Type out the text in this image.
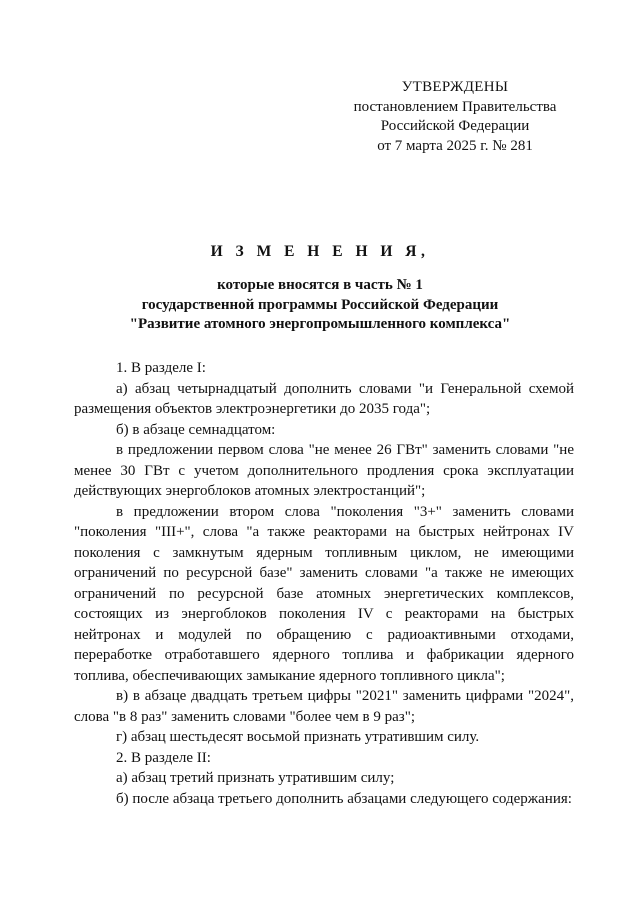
УТВЕРЖДЕНЫ
постановлением Правительства
Российской Федерации
от 7 марта 2025 г. № 281
И З М Е Н Е Н И Я,
которые вносятся в часть № 1
государственной программы Российской Федерации
"Развитие атомного энергопромышленного комплекса"

1. В разделе I:

а) абзац четырнадцатый дополнить словами "и Генеральной схемой размещения объектов электроэнергетики до 2035 года";

б) в абзаце семнадцатом:

в предложении первом слова "не менее 26 ГВт" заменить словами "не менее 30 ГВт с учетом дополнительного продления срока эксплуатации действующих энергоблоков атомных электростанций";

в предложении втором слова "поколения "3+" заменить словами "поколения "III+", слова "а также реакторами на быстрых нейтронах IV поколения с замкнутым ядерным топливным циклом, не имеющими ограничений по ресурсной базе" заменить словами "а также не имеющих ограничений по ресурсной базе атомных энергетических комплексов, состоящих из энергоблоков поколения IV с реакторами на быстрых нейтронах и модулей по обращению с радиоактивными отходами, переработке отработавшего ядерного топлива и фабрикации ядерного топлива, обеспечивающих замыкание ядерного топливного цикла";

в) в абзаце двадцать третьем цифры "2021" заменить цифрами "2024", слова "в 8 раз" заменить словами "более чем в 9 раз";

г) абзац шестьдесят восьмой признать утратившим силу.

2. В разделе II:

а) абзац третий признать утратившим силу;

б) после абзаца третьего дополнить абзацами следующего содержания:
